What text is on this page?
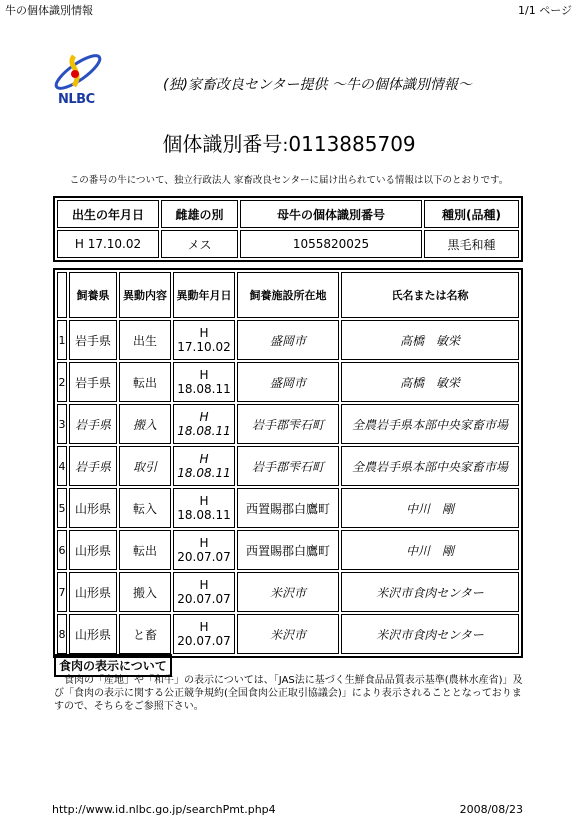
牛の個体識別情報	1/1 ページ
NLBC
(独)家畜改良センター提供 〜牛の個体識別情報〜
個体識別番号:0113885709
この番号の牛について、独立行政法人 家畜改良センターに届け出られている情報は以下のとおりです。
出生の年月日	雌雄の別	母牛の個体識別番号	種別(品種)
H 17.10.02	メス	1055820025	黒毛和種
	飼養県	異動内容	異動年月日	飼養施設所在地	氏名または名称
1	岩手県	出生	H 17.10.02	盛岡市	高橋　敏栄
2	岩手県	転出	H 18.08.11	盛岡市	高橋　敏栄
3	岩手県	搬入	H 18.08.11	岩手郡雫石町	全農岩手県本部中央家畜市場
4	岩手県	取引	H 18.08.11	岩手郡雫石町	全農岩手県本部中央家畜市場
5	山形県	転入	H 18.08.11	西置賜郡白鷹町	中川　剛
6	山形県	転出	H 20.07.07	西置賜郡白鷹町	中川　剛
7	山形県	搬入	H 20.07.07	米沢市	米沢市食肉センター
8	山形県	と畜	H 20.07.07	米沢市	米沢市食肉センター
食肉の表示について
　食肉の「産地」や「和牛」の表示については、「JAS法に基づく生鮮食品品質表示基準(農林水産省)」及び「食肉の表示に関する公正競争規約(全国食肉公正取引協議会)」により表示されることとなっておりますので、そちらをご参照下さい。
http://www.id.nlbc.go.jp/searchPmt.php4	2008/08/23
